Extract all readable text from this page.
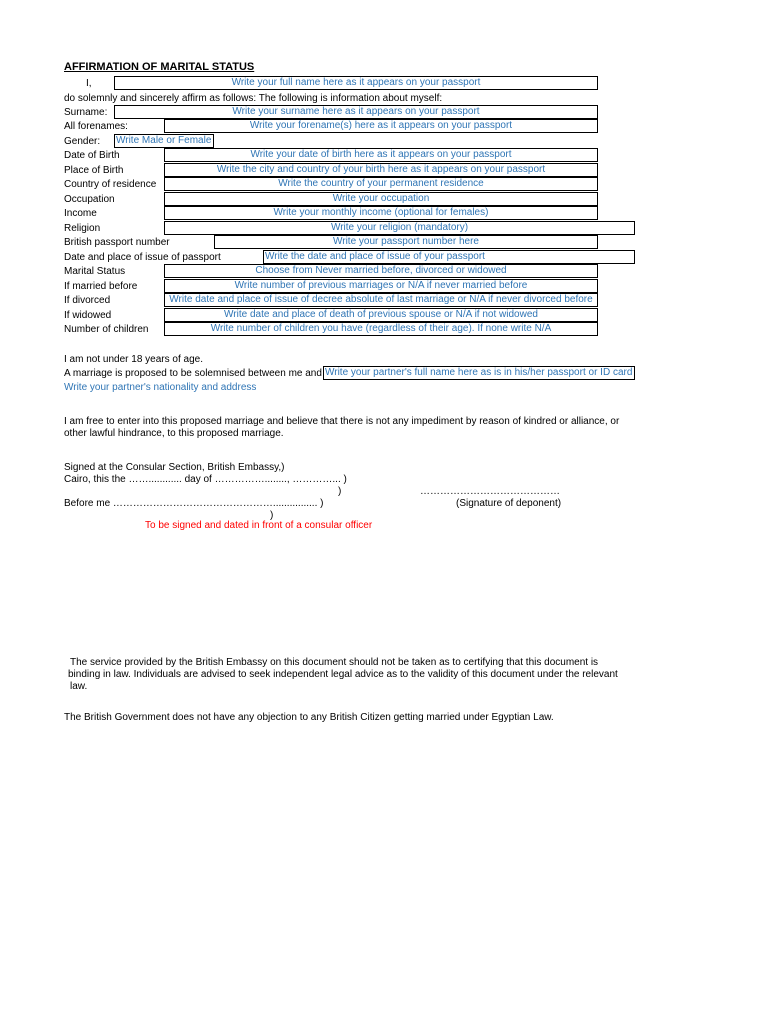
AFFIRMATION OF MARITAL STATUS
I,	Write your full name here as it appears on your passport
do solemnly and sincerely affirm as follows: The following is information about myself:
Surname:	Write your surname here as it appears on your passport
All forenames:	Write your forename(s) here as it appears on your passport
Gender: Write Male or Female
Date of Birth	Write your date of birth here as it appears on your passport
Place of Birth	Write the city and country of your birth here as it appears on your passport
Country of residence	Write the country of your permanent residence
Occupation	Write your occupation
Income	Write your monthly income (optional for females)
Religion	Write your religion (mandatory)
British passport number	Write your passport number here
Date and place of issue of passport	Write the date and place of issue of your passport
Marital Status	Choose from Never married before, divorced or widowed
If married before	Write number of previous marriages or N/A if never married before
If divorced	Write date and place of issue of decree absolute of last marriage or N/A if never divorced before
If widowed	Write date and place of death of previous spouse or N/A if not widowed
Number of children	Write number of children you have (regardless of their age). If none write N/A
I am not under 18 years of age.
A marriage is proposed to be solemnised between me and Write your partner's full name here as is in his/her passport or ID card
Write your partner's nationality and address
I am free to enter into this proposed marriage and believe that there is not any impediment by reason of kindred or alliance, or
other lawful hindrance, to this proposed marriage.
Signed at the Consular Section, British Embassy,)
Cairo, this the ……............ day of ……………........, …………... )
)	……………………………………
Before me …………………………………………................ )	(Signature of deponent)
)
To be signed and dated in front of a consular officer
The service provided by the British Embassy on this document should not be taken as to certifying that this document is
binding in law. Individuals are advised to seek independent legal advice as to the validity of this document under the relevant
law.
The British Government does not have any objection to any British Citizen getting married under Egyptian Law.
